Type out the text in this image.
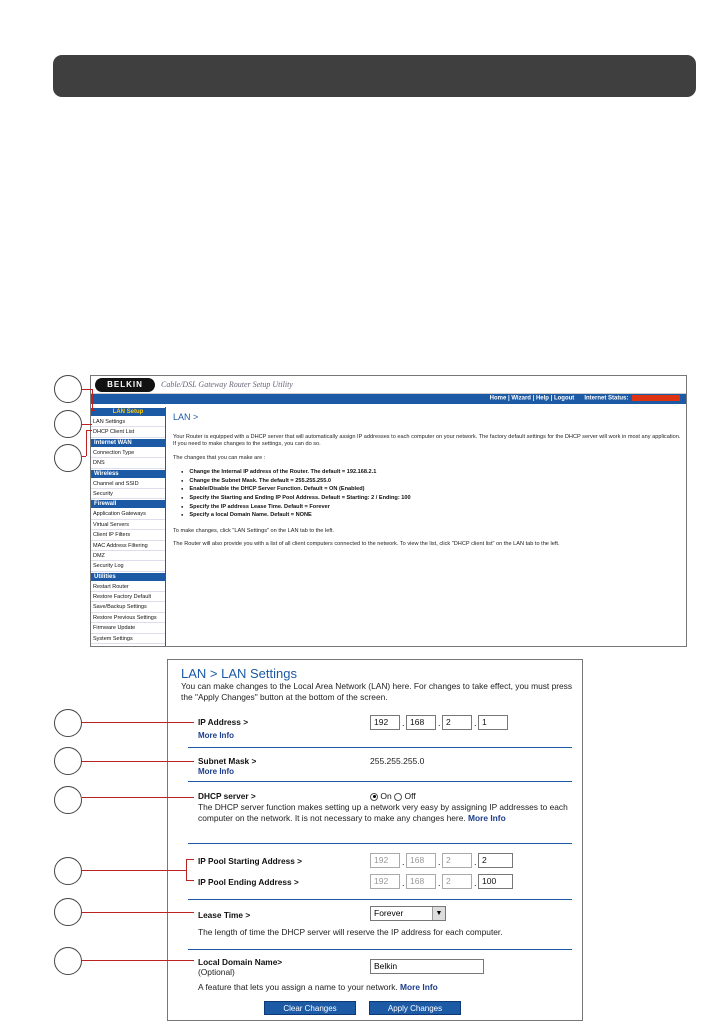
BELKIN	Cable/DSL Gateway Router Setup Utility
Home | Wizard | Help | Logout Internet Status:
LAN Setup
LAN Settings
DHCP Client List
Internet WAN
Connection Type
DNS
Wireless
Channel and SSID
Security
Firewall
Application Gateways
Virtual Servers
Client IP Filters
MAC Address Filtering
DMZ
Security Log
Utilities
Restart Router
Restore Factory Default
Save/Backup Settings
Restore Previous Settings
Firmware Update
System Settings
LAN >
Your Router is equipped with a DHCP server that will automatically assign IP addresses to each computer on your network. The factory default settings for the DHCP server will work in most any application. If you need to make changes to the settings, you can do so.
The changes that you can make are :
● Change the Internal IP address of the Router. The default = 192.168.2.1
● Change the Subnet Mask. The default = 255.255.255.0
● Enable/Disable the DHCP Server Function. Default = ON (Enabled)
● Specify the Starting and Ending IP Pool Address. Default = Starting: 2 / Ending: 100
● Specify the IP address Lease Time. Default = Forever
● Specify a local Domain Name. Default = NONE
To make changes, click "LAN Settings" on the LAN tab to the left.
The Router will also provide you with a list of all client computers connected to the network. To view the list, click "DHCP client list" on the LAN tab to the left.
LAN > LAN Settings
You can make changes to the Local Area Network (LAN) here. For changes to take effect, you must press the "Apply Changes" button at the bottom of the screen.
IP Address >
More Info
192	. 168	. 2	. 1
Subnet Mask >
More Info
255.255.255.0
DHCP server >	On Off
The DHCP server function makes setting up a network very easy by assigning IP addresses to each computer on the network. It is not necessary to make any changes here. More Info
IP Pool Starting Address >	192	. 168	. 2	. 2
IP Pool Ending Address >	192	. 168	. 2	. 100
Lease Time >	Forever	▼
The length of time the DHCP server will reserve the IP address for each computer.
Local Domain Name>
(Optional)
Belkin
A feature that lets you assign a name to your network. More Info
Clear Changes	Apply Changes
